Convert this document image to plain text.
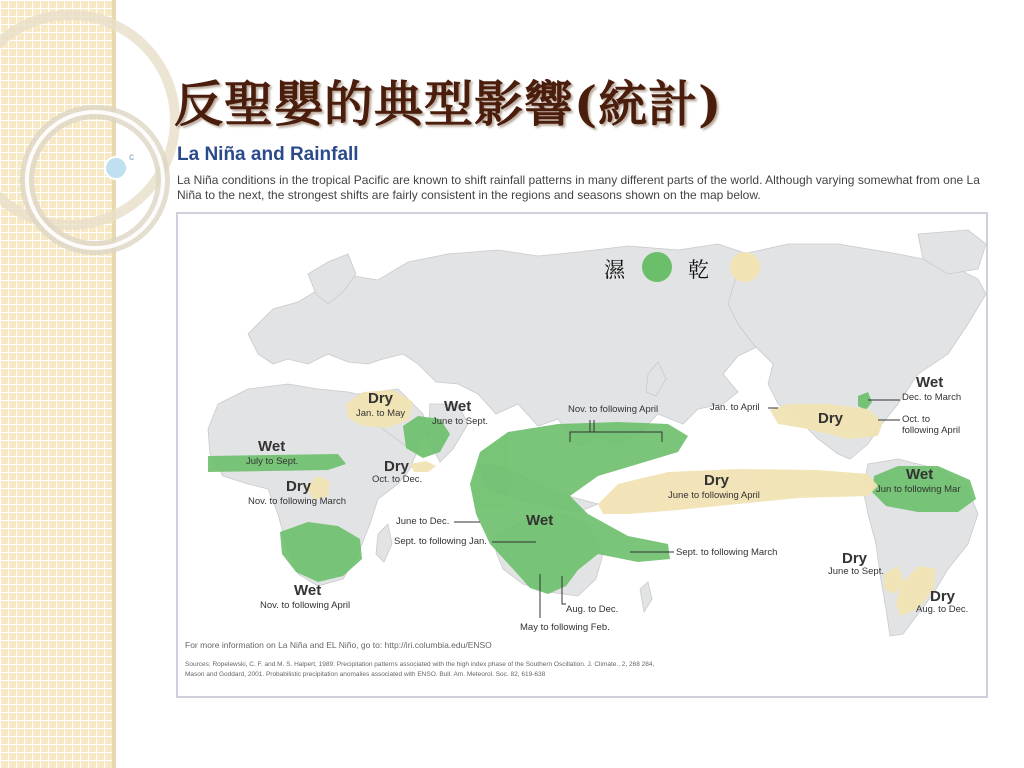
c
反聖嬰的典型影響(統計)
La Niña and Rainfall
La Niña conditions in the tropical Pacific are known to shift rainfall patterns in many different parts of the world. Although varying somewhat from one La Niña to the next, the strongest shifts are fairly consistent in the regions and seasons shown on the map below.
濕	乾
Wet
July to Sept.
Dry
Nov. to following March
Wet
Nov. to following April
Dry
Jan. to May	Wet
June to Sept.
Dry
Oct. to Dec.
Wet
Dry
June to following April
Dry
Wet
Dec. to March
Wet
Jun to following Mar
Dry
June to Sept.
Dry
Aug. to Dec.
Nov. to following April	Jan. to April
Oct. to
following April
June to Dec.
Sept. to following Jan.
Sept. to following March
Aug. to Dec.
May to following Feb.
For more information on La Niña and EL Niño, go to: http://iri.columbia.edu/ENSO
Sources: Ropelewski, C. F. and M. S. Halpert, 1989: Precipitation patterns associated with the high index phase of the Southern Oscillation. J. Climate., 2, 268 284,
Mason and Goddard, 2001. Probabilistic precipitation anomalies associated with ENSO. Bull. Am. Meteorol. Soc. 82, 619-638
